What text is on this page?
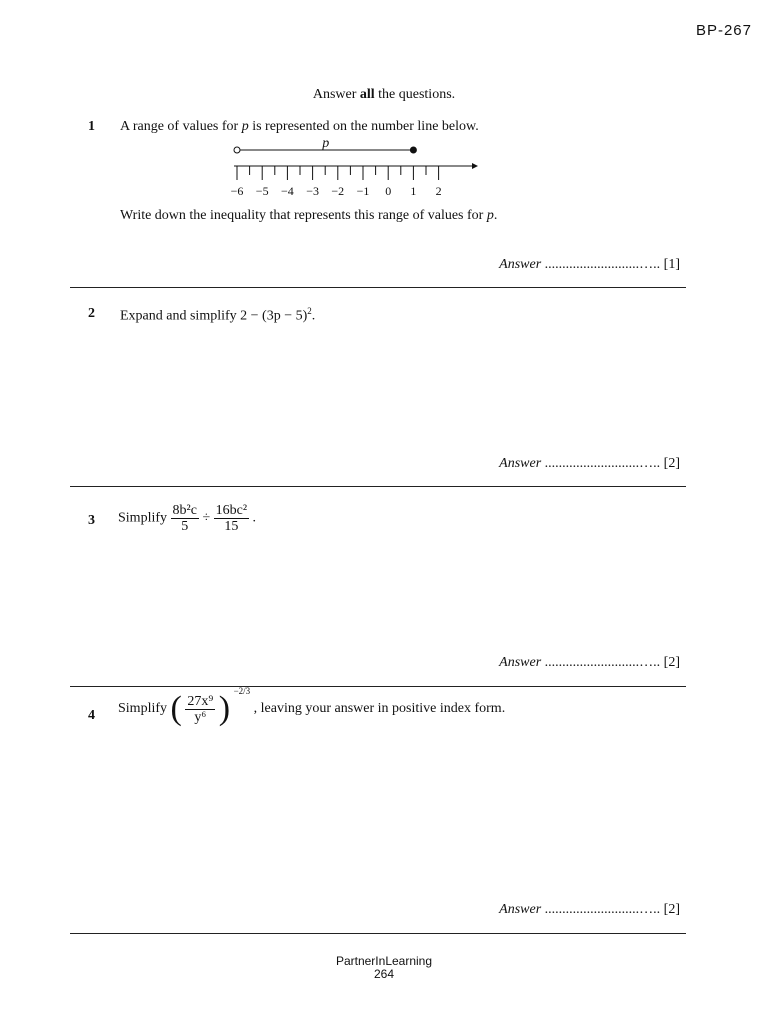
BP-267
Answer all the questions.
1 A range of values for p is represented on the number line below.
p
−6 −5 −4 −3 −2 −1 0 1 2
Write down the inequality that represents this range of values for p.
Answer ...........................….. [1]
2 Expand and simplify $2 - (3p - 5)^2$.
Answer ...........................….. [2]
3 Simplify $\frac{\text{8b²c}}{5} \div \frac{\text{16bc²}}{15}$ .
Answer ...........................….. [2]
4 Simplify ( $\frac{\text{27x⁹}}{\text{y⁶}}$ ) $^{-2/3}$ , leaving your answer in positive index form.
Answer ...........................….. [2]
PartnerInLearning
264
